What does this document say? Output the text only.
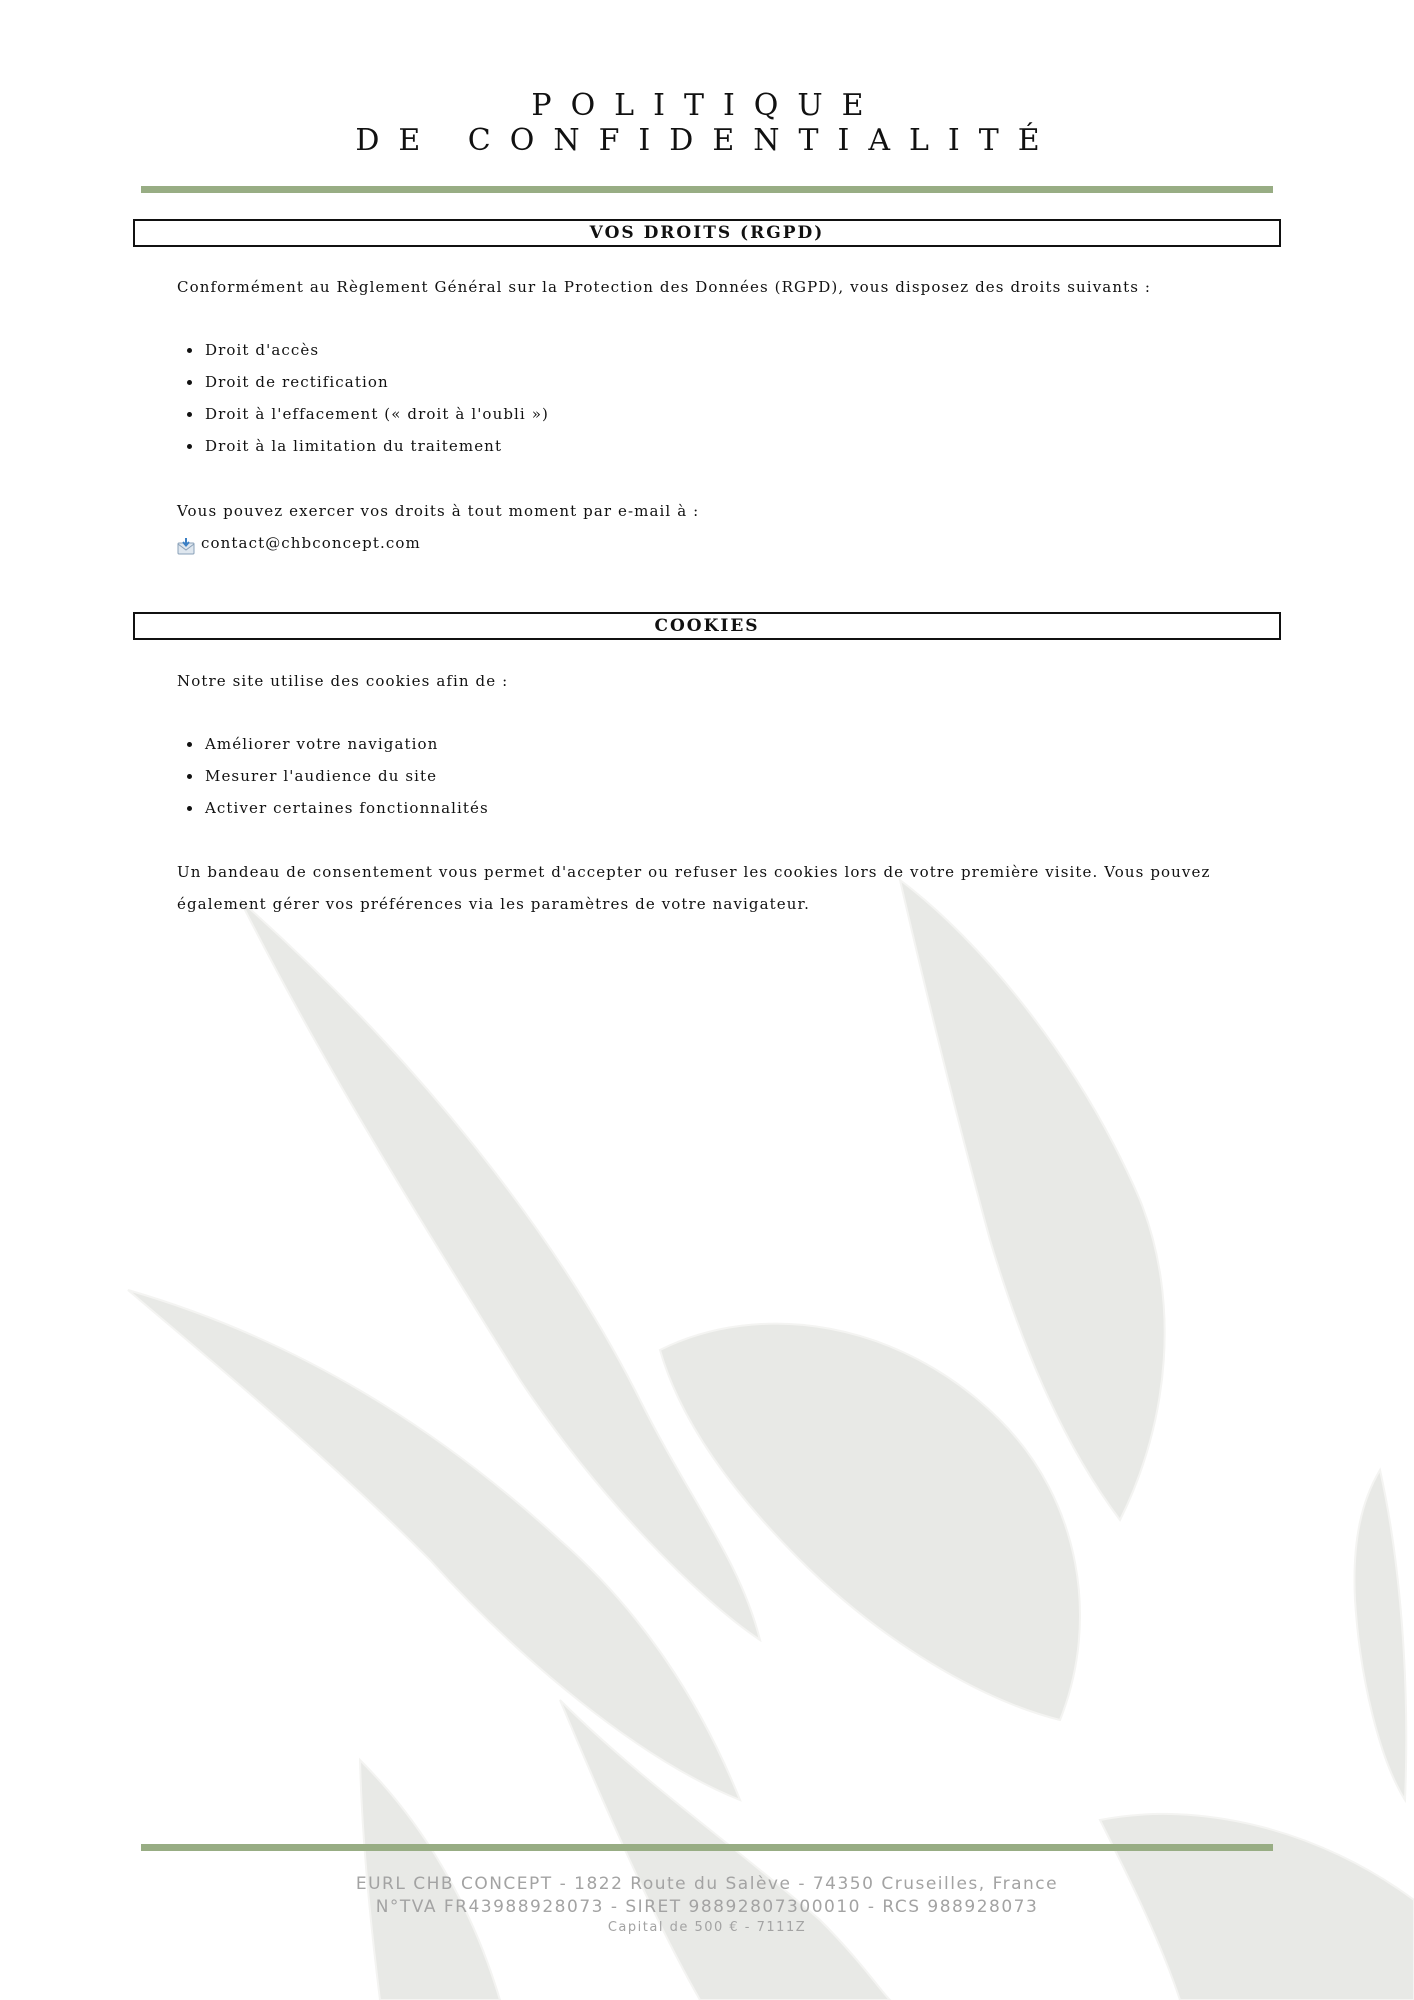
POLITIQUE
DE CONFIDENTIALITÉ
VOS DROITS (RGPD)

Conformément au Règlement Général sur la Protection des Données (RGPD), vous disposez des droits suivants :

Droit d'accès
Droit de rectification
Droit à l'effacement (« droit à l'oubli »)
Droit à la limitation du traitement

Vous pouvez exercer vos droits à tout moment par e-mail à :

contact@chbconcept.com
COOKIES

Notre site utilise des cookies afin de :

Améliorer votre navigation
Mesurer l'audience du site
Activer certaines fonctionnalités

Un bandeau de consentement vous permet d'accepter ou refuser les cookies lors de votre première visite. Vous pouvez

également gérer vos préférences via les paramètres de votre navigateur.

EURL CHB CONCEPT - 1822 Route du Salève - 74350 Cruseilles, France

N°TVA FR43988928073 - SIRET 98892807300010 - RCS 988928073

Capital de 500 € - 7111Z
